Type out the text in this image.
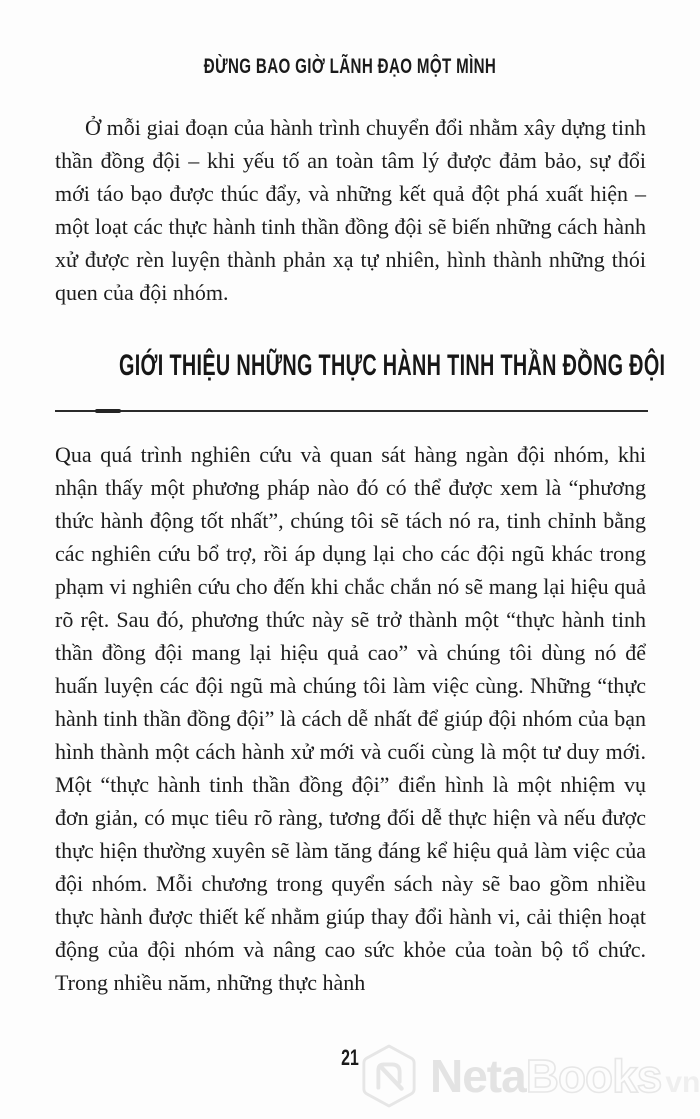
ĐỪNG BAO GIỜ LÃNH ĐẠO MỘT MÌNH

Ở mỗi giai đoạn của hành trình chuyển đổi nhằm xây dựng tinh thần đồng đội – khi yếu tố an toàn tâm lý được đảm bảo, sự đổi mới táo bạo được thúc đẩy, và những kết quả đột phá xuất hiện – một loạt các thực hành tinh thần đồng đội sẽ biến những cách hành xử được rèn luyện thành phản xạ tự nhiên, hình thành những thói quen của đội nhóm.

GIỚI THIỆU NHỮNG THỰC HÀNH TINH THẦN ĐỒNG ĐỘI

Qua quá trình nghiên cứu và quan sát hàng ngàn đội nhóm, khi nhận thấy một phương pháp nào đó có thể được xem là “phương thức hành động tốt nhất”, chúng tôi sẽ tách nó ra, tinh chỉnh bằng các nghiên cứu bổ trợ, rồi áp dụng lại cho các đội ngũ khác trong phạm vi nghiên cứu cho đến khi chắc chắn nó sẽ mang lại hiệu quả rõ rệt. Sau đó, phương thức này sẽ trở thành một “thực hành tinh thần đồng đội mang lại hiệu quả cao” và chúng tôi dùng nó để huấn luyện các đội ngũ mà chúng tôi làm việc cùng. Những “thực hành tinh thần đồng đội” là cách dễ nhất để giúp đội nhóm của bạn hình thành một cách hành xử mới và cuối cùng là một tư duy mới. Một “thực hành tinh thần đồng đội” điển hình là một nhiệm vụ đơn giản, có mục tiêu rõ ràng, tương đối dễ thực hiện và nếu được thực hiện thường xuyên sẽ làm tăng đáng kể hiệu quả làm việc của đội nhóm. Mỗi chương trong quyển sách này sẽ bao gồm nhiều thực hành được thiết kế nhằm giúp thay đổi hành vi, cải thiện hoạt động của đội nhóm và nâng cao sức khỏe của toàn bộ tổ chức. Trong nhiều năm, những thực hành

21 NetaBooks vn
